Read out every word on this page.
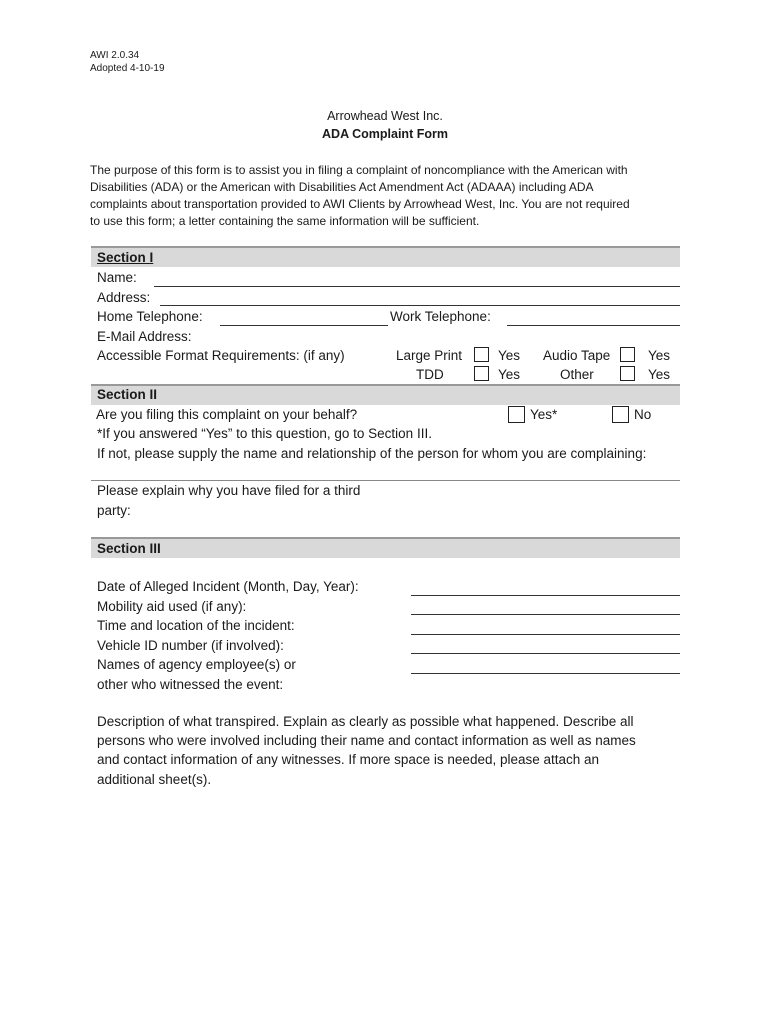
AWI 2.0.34
Adopted 4-10-19
Arrowhead West Inc.
ADA Complaint Form
The purpose of this form is to assist you in filing a complaint of noncompliance with the American with
Disabilities (ADA) or the American with Disabilities Act Amendment Act (ADAAA) including ADA
complaints about transportation provided to AWI Clients by Arrowhead West, Inc. You are not required
to use this form; a letter containing the same information will be sufficient.
Section I
Name:
Address:
Home Telephone:	Work Telephone:
E-Mail Address:
Accessible Format Requirements: (if any)	Large Print	Yes Audio Tape	Yes
TDD	Yes	Other	Yes
Section II
Are you filing this complaint on your behalf?	Yes*	No
*If you answered “Yes” to this question, go to Section III.
If not, please supply the name and relationship of the person for whom you are complaining:
Please explain why you have filed for a third
party:
Section III
Date of Alleged Incident (Month, Day, Year):
Mobility aid used (if any):
Time and location of the incident:
Vehicle ID number (if involved):
Names of agency employee(s) or
other who witnessed the event:
Description of what transpired. Explain as clearly as possible what happened. Describe all
persons who were involved including their name and contact information as well as names
and contact information of any witnesses. If more space is needed, please attach an
additional sheet(s).
